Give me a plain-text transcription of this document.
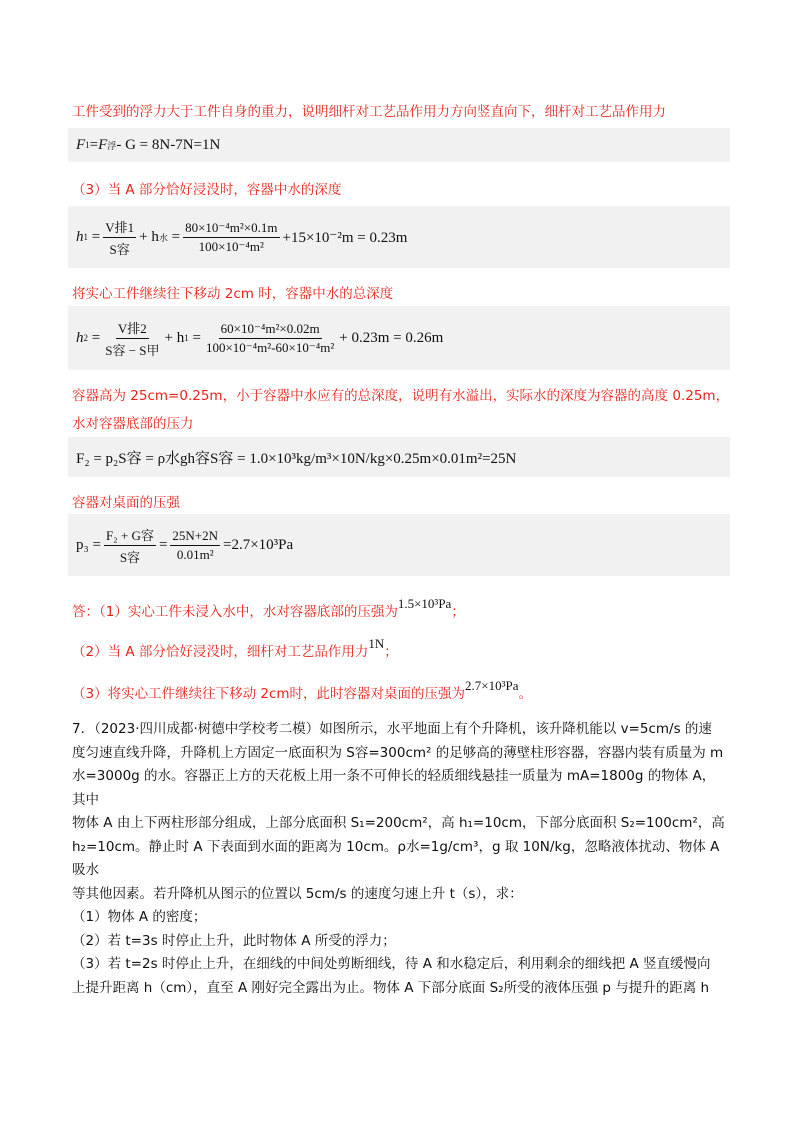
工件受到的浮力大于工件自身的重力，说明细杆对工艺品作用力方向竖直向下，细杆对工艺品作用力
F 1 = F 浮 - G = 8N-7N=1N
（3）当 A 部分恰好浸没时，容器中水的深度
h $1 = \frac{\text{V排1}}{\text{S容}} + h$ 水 = $\frac{\text{80×10⁻⁴m²×0.1m}}{\text{100×10⁻⁴m²}} +15\times 10^{-2}m = 0.23m$
将实心工件继续往下移动 2cm 时，容器中水的总深度
h $2 = \frac{\text{V排2}}{\text{S容 − S甲}} + h$ $1 = \frac{\text{60×10⁻⁴m²×0.02m}}{\text{100×10⁻⁴m²-60×10⁻⁴m²}} + 0.23m = 0.26m$
容器高为 25cm=0.25m，小于容器中水应有的总深度，说明有水溢出，实际水的深度为容器的高度 0.25m，
水对容器底部的压力
F₂ = p₂S容 = ρ水gh容S容 = 1.0×10³kg/m³×10N/kg×0.25m×0.01m²=25N
容器对桌面的压强
$p_3 = \frac{\text{F₂ + G容}}{\text{S容}} = \frac{25N+2N}{\text{0.01m²}} =2.7\times 10^3Pa$
答：（1）实心工件未浸入水中，水对容器底部的压强为1.5×10³Pa；
（2）当 A 部分恰好浸没时，细杆对工艺品作用力1N；
（3）将实心工件继续往下移动 2cm时，此时容器对桌面的压强为2.7×10³Pa。
7．（2023·四川成都·树德中学校考二模）如图所示，水平地面上有个升降机，该升降机能以 v=5cm/s 的速
度匀速直线升降，升降机上方固定一底面积为 S容=300cm² 的足够高的薄壁柱形容器，容器内装有质量为 m
水=3000g 的水。容器正上方的天花板上用一条不可伸长的轻质细线悬挂一质量为 mA=1800g 的物体 A，其中
物体 A 由上下两柱形部分组成，上部分底面积 S₁=200cm²，高 h₁=10cm，下部分底面积 S₂=100cm²，高
h₂=10cm。静止时 A 下表面到水面的距离为 10cm。ρ水=1g/cm³，g 取 10N/kg，忽略液体扰动、物体 A 吸水
等其他因素。若升降机从图示的位置以 5cm/s 的速度匀速上升 t（s），求：
（1）物体 A 的密度；
（2）若 t=3s 时停止上升，此时物体 A 所受的浮力；
（3）若 t=2s 时停止上升，在细线的中间处剪断细线，待 A 和水稳定后，利用剩余的细线把 A 竖直缓慢向
上提升距离 h（cm），直至 A 刚好完全露出为止。物体 A 下部分底面 S₂所受的液体压强 p 与提升的距离 h
